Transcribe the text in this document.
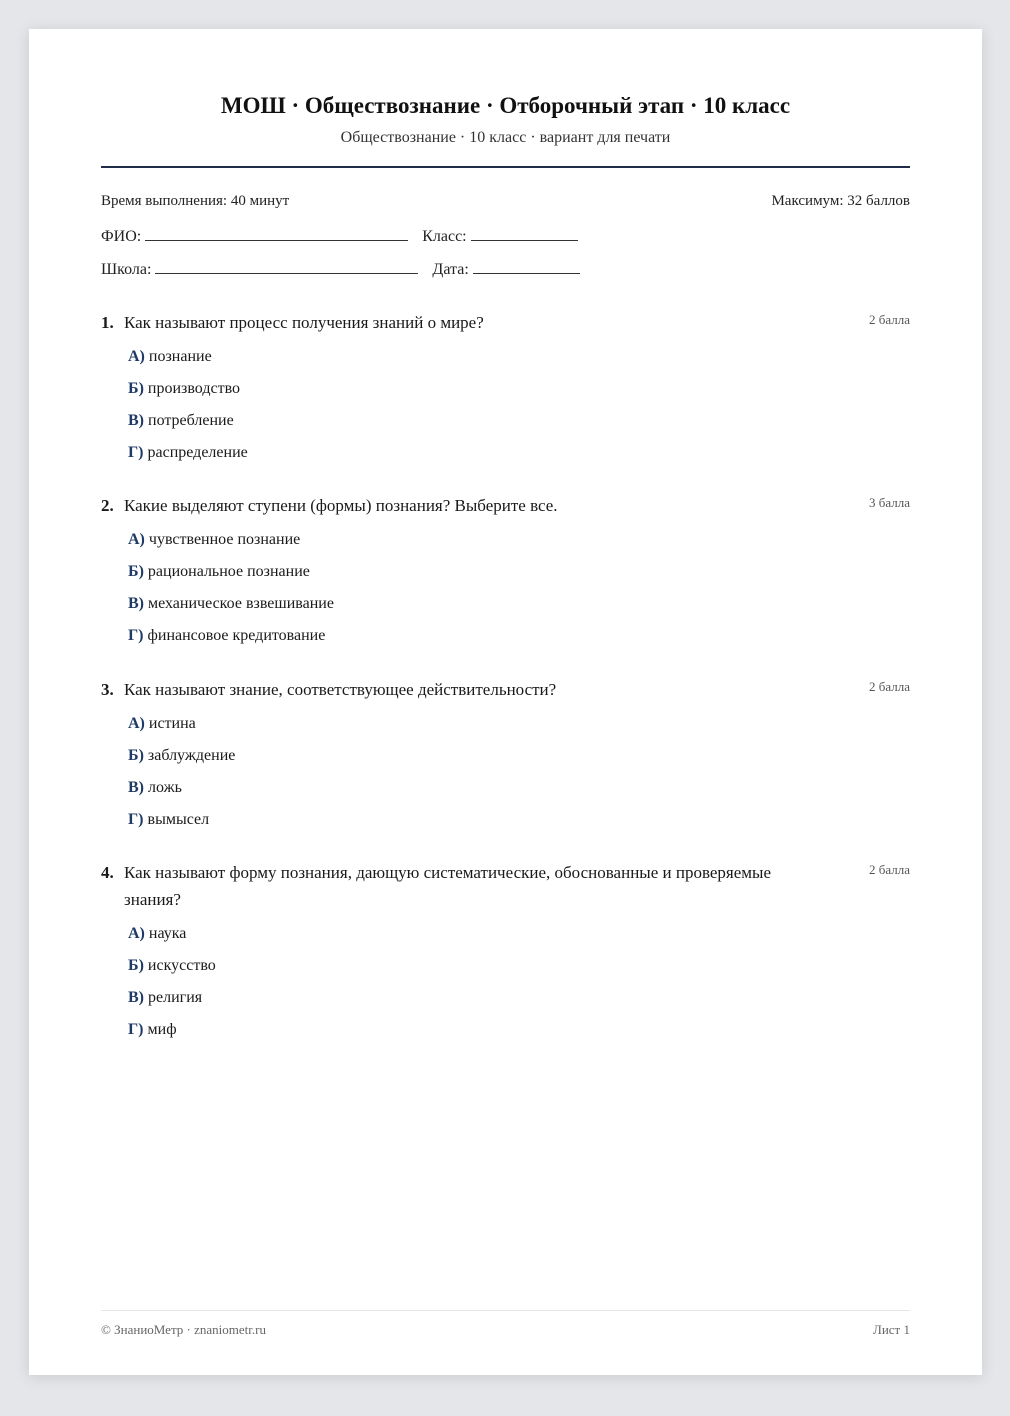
МОШ · Обществознание · Отборочный этап · 10 класс
Обществознание · 10 класс · вариант для печати
Время выполнения: 40 минут	Максимум: 32 баллов
ФИО:	Класс:
Школа:	Дата:
1. Как называют процесс получения знаний о мире?	2 балла
А) познание
Б) производство
В) потребление
Г) распределение
2. Какие выделяют ступени (формы) познания? Выберите все.	3 балла
А) чувственное познание
Б) рациональное познание
В) механическое взвешивание
Г) финансовое кредитование
3. Как называют знание, соответствующее действительности?	2 балла
А) истина
Б) заблуждение
В) ложь
Г) вымысел
4. Как называют форму познания, дающую систематические, обоснованные и проверяемые знания?
2 балла
А) наука
Б) искусство
В) религия
Г) миф
© ЗнаниоМетр · znaniometr.ru	Лист 1
